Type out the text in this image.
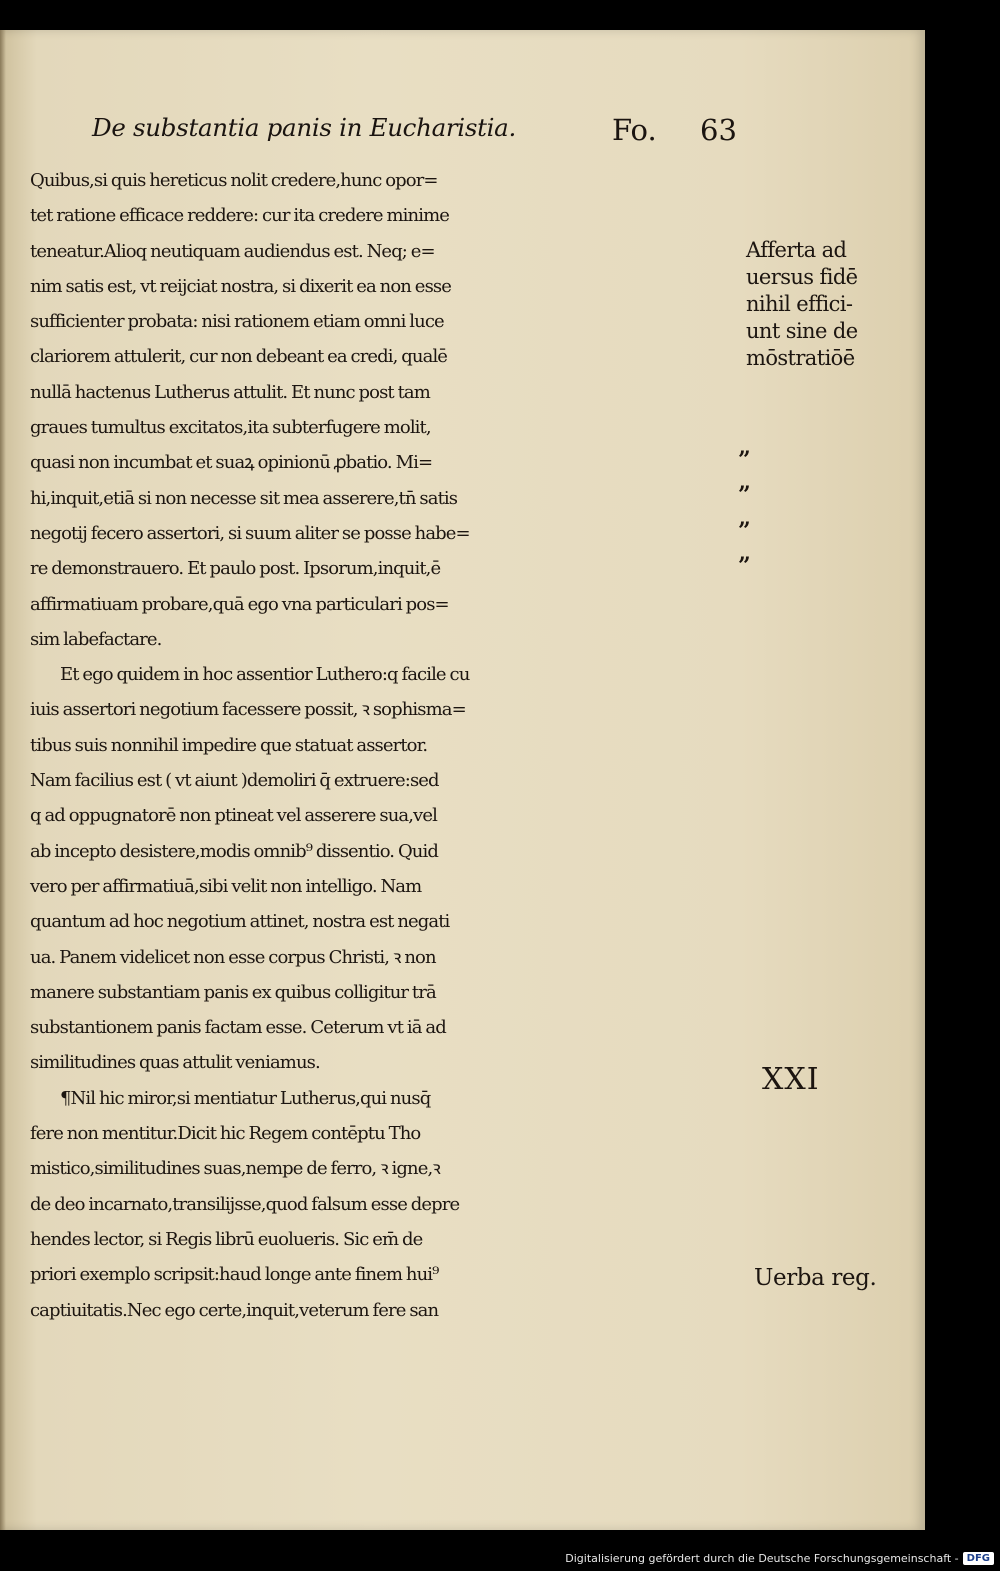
De substantia panis in Eucharistia.	Fo. 63
Quibus,si quis hereticus nolit credere,hunc opor=
tet ratione efficace reddere: cur ita credere minime
teneatur.Alioq neutiquam audiendus est. Neq; e=
nim satis est, vt reijciat nostra, si dixerit ea non esse
sufficienter probata: nisi rationem etiam omni luce
clariorem attulerit, cur non debeant ea credi, qualē
nullā hactenus Lutherus attulit. Et nunc post tam
graues tumultus excitatos,ita subterfugere molit,
quasi non incumbat et suaꝝ opinionū ꝓbatio. Mi=
hi,inquit,etiā si non necesse sit mea asserere,tn̄ satis
negotij fecero assertori, si suum aliter se posse habe=
re demonstrauero. Et paulo post. Ipsorum,inquit,ē
affirmatiuam probare,quā ego vna particulari pos=
sim labefactare.
Et ego quidem in hoc assentior Luthero:q facile cu
iuis assertori negotium facessere possit, ꝛ sophisma=
tibus suis nonnihil impedire que statuat assertor.
Nam facilius est ( vt aiunt )demoliri q̄ extruere:sed
q ad oppugnatorē non ptineat vel asserere sua,vel
ab incepto desistere,modis omnib⁹ dissentio. Quid
vero per affirmatiuā,sibi velit non intelligo. Nam
quantum ad hoc negotium attinet, nostra est negati
ua. Panem videlicet non esse corpus Christi, ꝛ non
manere substantiam panis ex quibus colligitur trā
substantionem panis factam esse. Ceterum vt iā ad
similitudines quas attulit veniamus.
¶Nil hic miror,si mentiatur Lutherus,qui nusq̄
fere non mentitur.Dicit hic Regem contēptu Tho
mistico,similitudines suas,nempe de ferro, ꝛ igne,ꝛ
de deo incarnato,transilijsse,quod falsum esse depre
hendes lector, si Regis librū euolueris. Sic em̄ de
priori exemplo scripsit:haud longe ante finem hui⁹
captiuitatis.Nec ego certe,inquit,veterum fere san
Afferta ad
uersus fidē
nihil effici-
unt sine de
mōstratiōē
”
”
”
”
XXI
Uerba reg.
Digitalisierung gefördert durch die Deutsche Forschungsgemeinschaft - DFG
